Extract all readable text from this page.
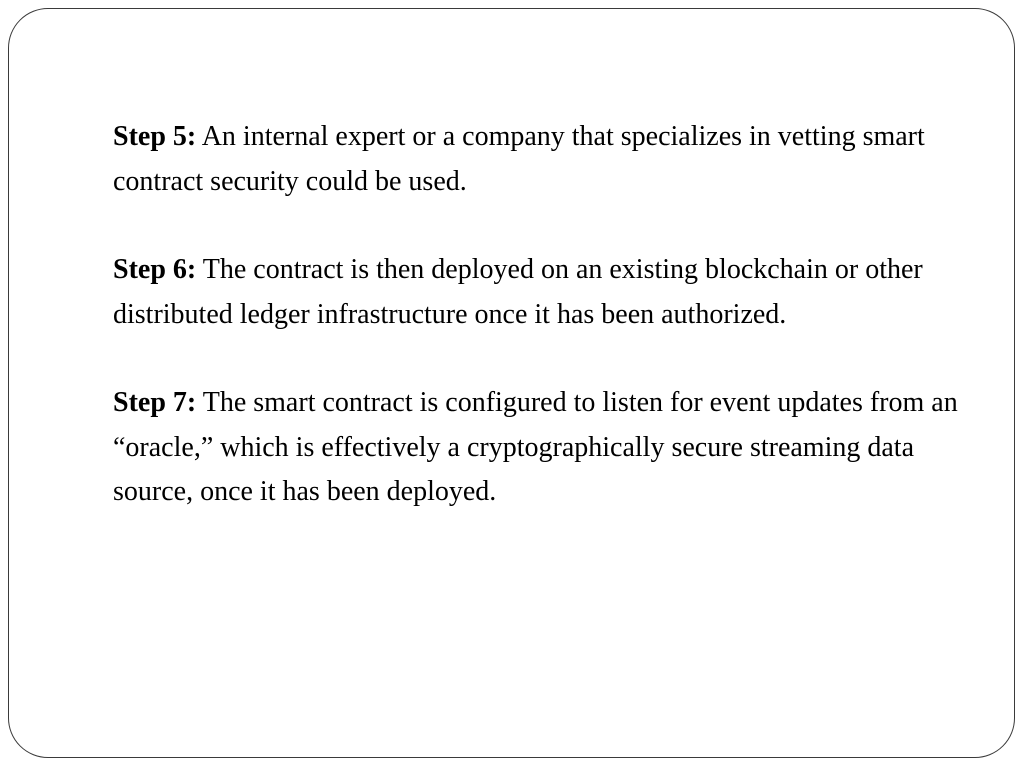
Step 5: An internal expert or a company that specializes in vetting smart contract security could be used.

Step 6: The contract is then deployed on an existing blockchain or other distributed ledger infrastructure once it has been authorized.

Step 7: The smart contract is configured to listen for event updates from an “oracle,” which is effectively a cryptographically secure streaming data source, once it has been deployed.
